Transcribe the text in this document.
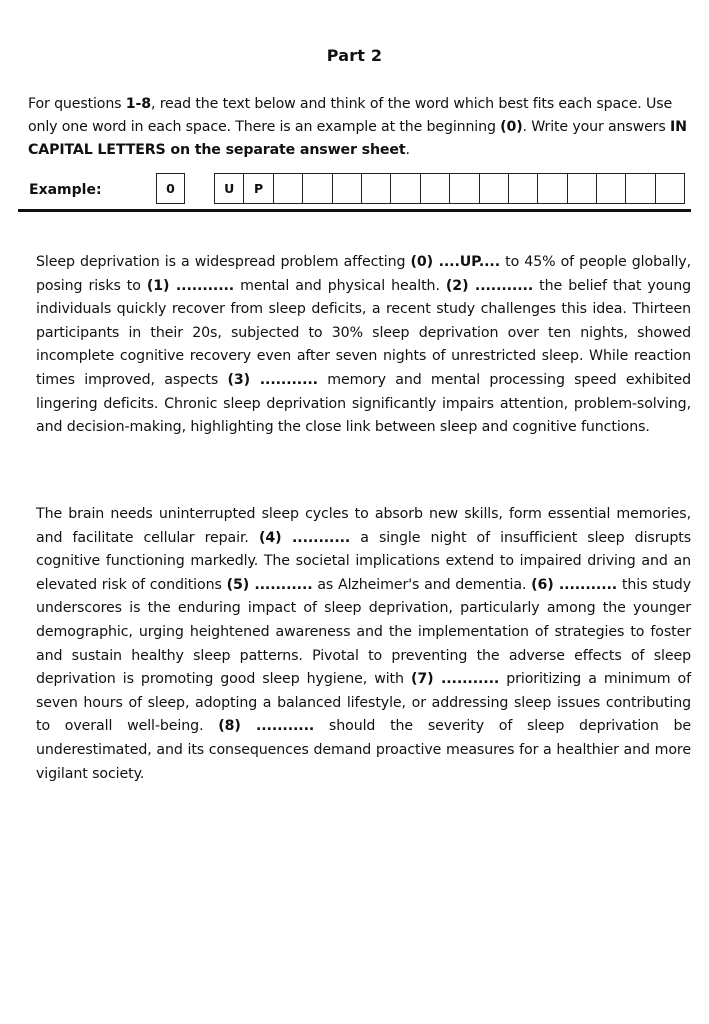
Part 2

For questions 1-8, read the text below and think of the word which best fits each space. Use only one word in each space. There is an example at the beginning (0). Write your answers IN CAPITAL LETTERS on the separate answer sheet.

Example:	0	U	P

Sleep deprivation is a widespread problem affecting (0) ....UP.... to 45% of people globally, posing risks to (1) ........... mental and physical health. (2) ........... the belief that young individuals quickly recover from sleep deficits, a recent study challenges this idea. Thirteen participants in their 20s, subjected to 30% sleep deprivation over ten nights, showed incomplete cognitive recovery even after seven nights of unrestricted sleep. While reaction times improved, aspects (3) ........... memory and mental processing speed exhibited lingering deficits. Chronic sleep deprivation significantly impairs attention, problem-solving, and decision-making, highlighting the close link between sleep and cognitive functions.

The brain needs uninterrupted sleep cycles to absorb new skills, form essential memories, and facilitate cellular repair. (4) ........... a single night of insufficient sleep disrupts cognitive functioning markedly. The societal implications extend to impaired driving and an elevated risk of conditions (5) ........... as Alzheimer's and dementia. (6) ........... this study underscores is the enduring impact of sleep deprivation, particularly among the younger demographic, urging heightened awareness and the implementation of strategies to foster and sustain healthy sleep patterns. Pivotal to preventing the adverse effects of sleep deprivation is promoting good sleep hygiene, with (7) ........... prioritizing a minimum of seven hours of sleep, adopting a balanced lifestyle, or addressing sleep issues contributing to overall well-being. (8) ........... should the severity of sleep deprivation be underestimated, and its consequences demand proactive measures for a healthier and more vigilant society.
